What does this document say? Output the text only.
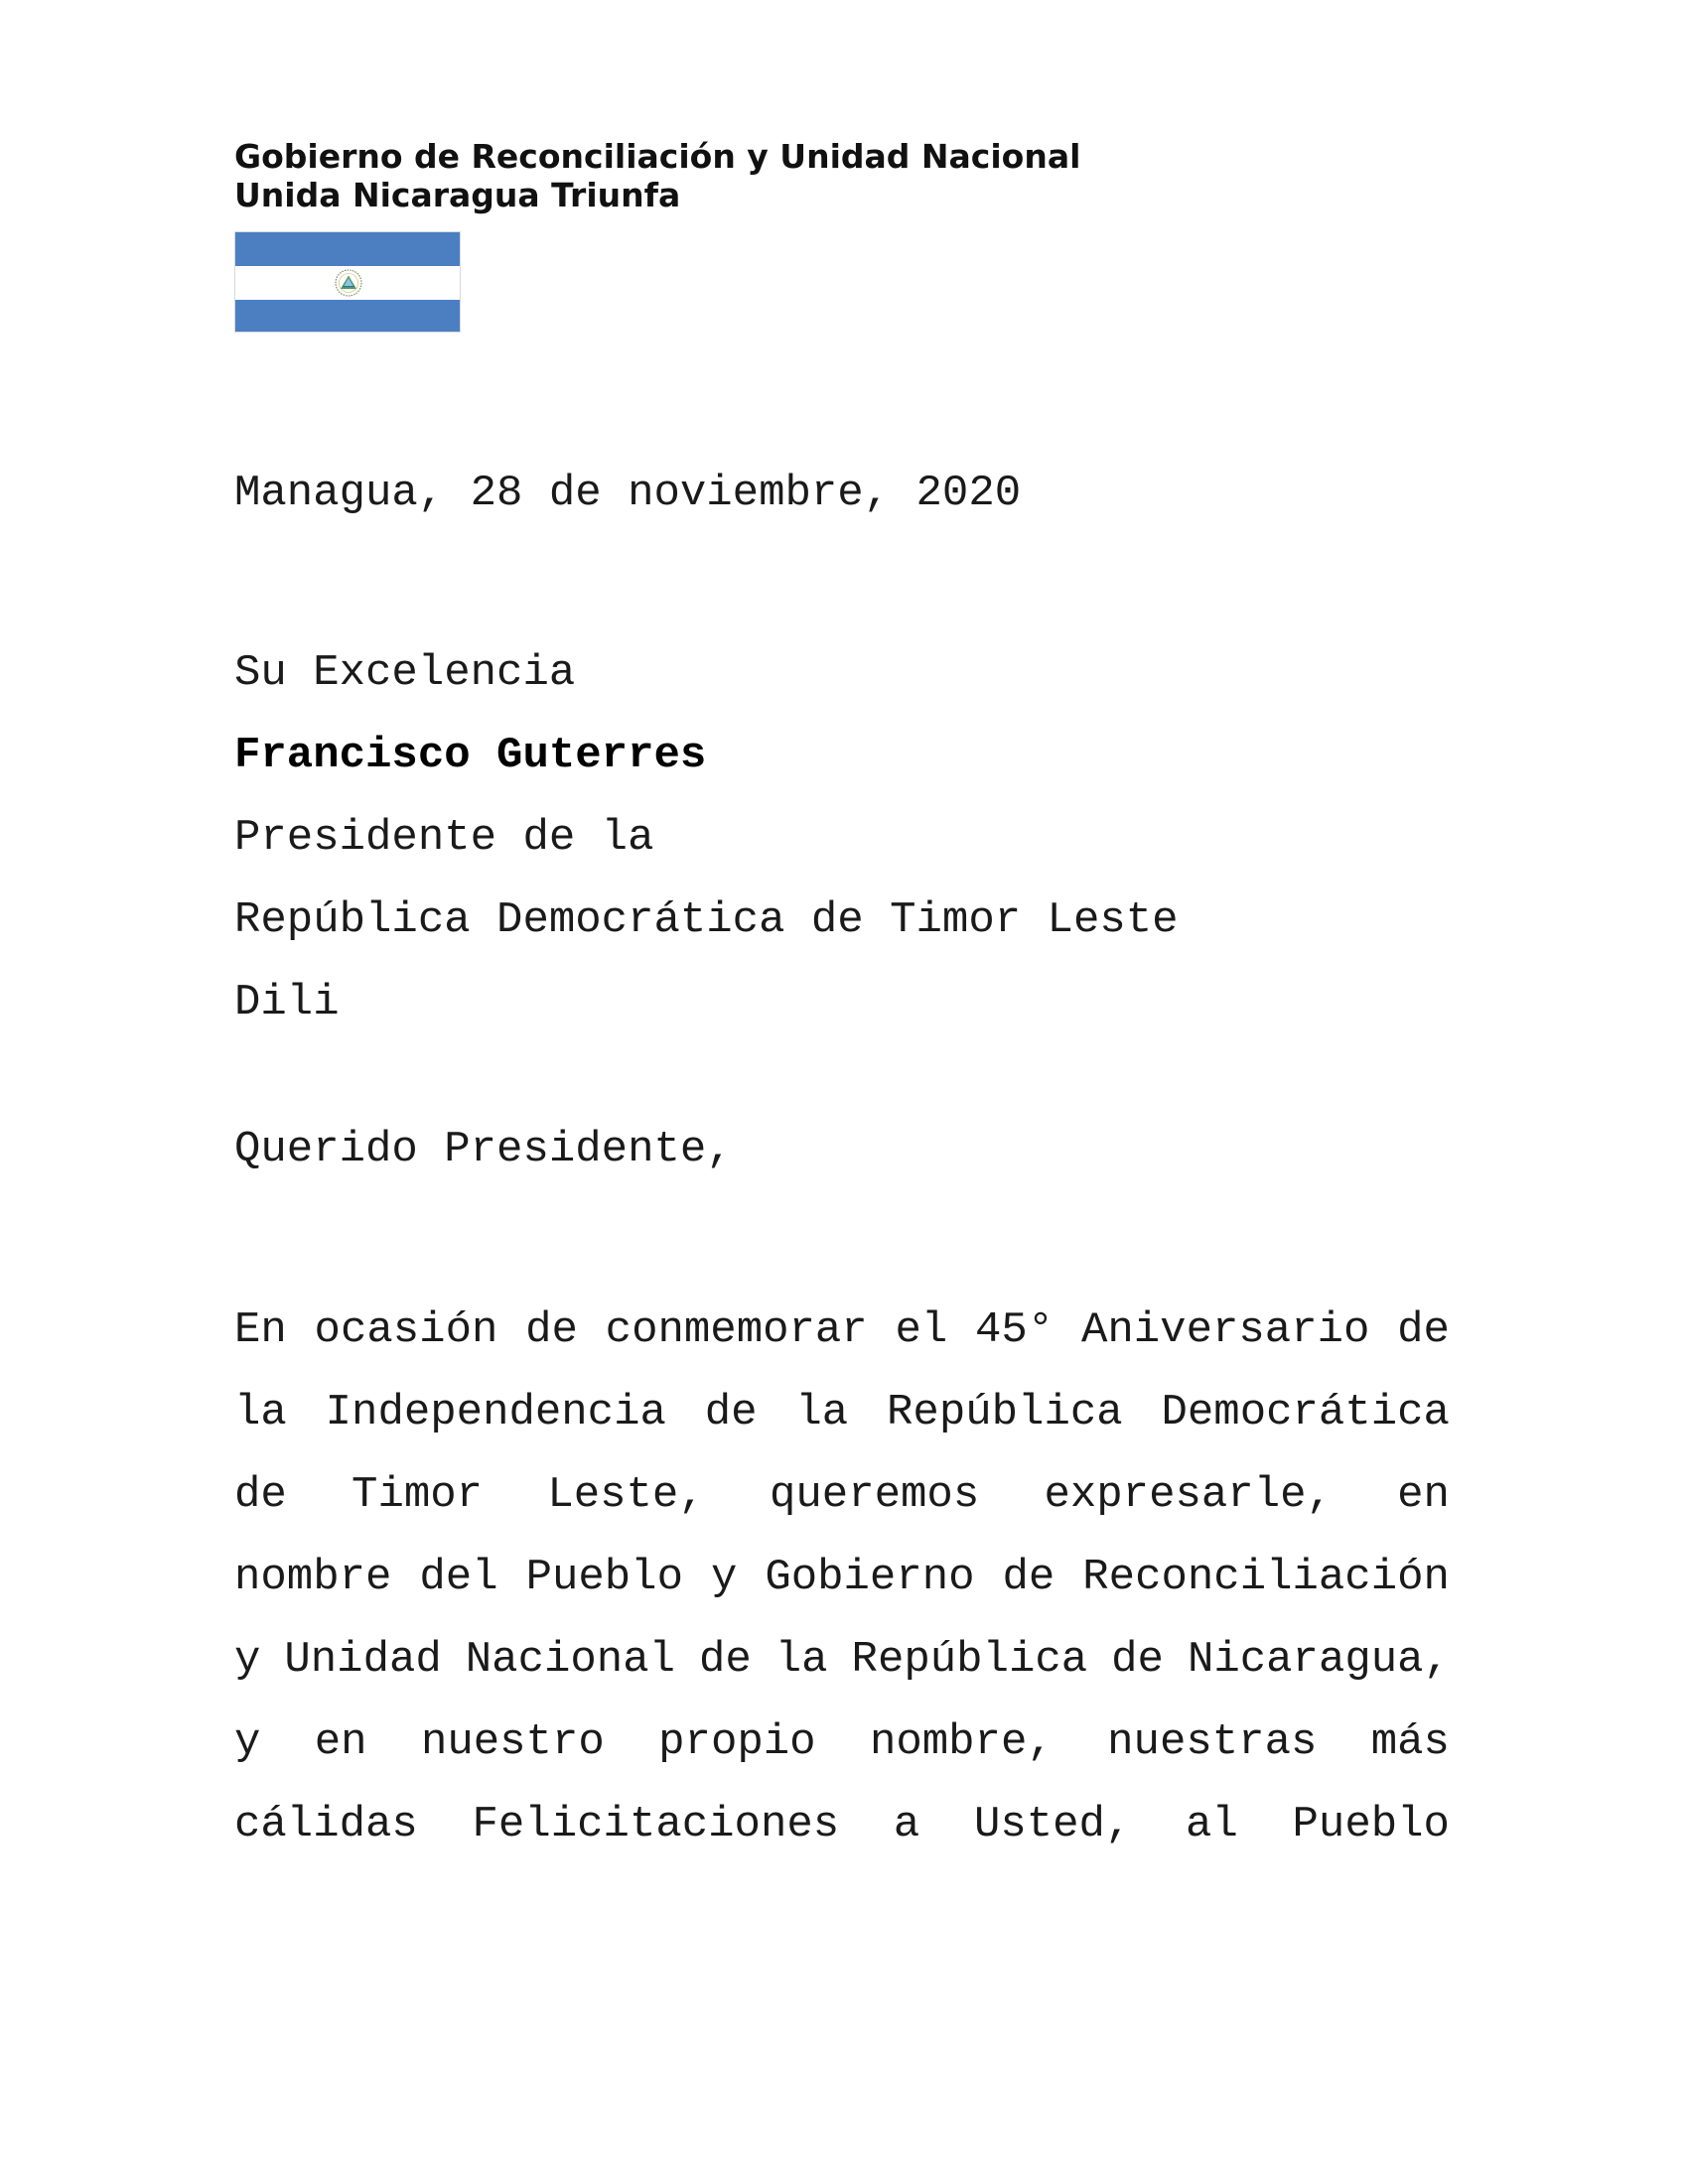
Gobierno de Reconciliación y Unidad Nacional
Unida Nicaragua Triunfa
Managua, 28 de noviembre, 2020
Su Excelencia
Francisco Guterres
Presidente de la
República Democrática de Timor Leste
Dili
Querido Presidente,
En ocasión de conmemorar el 45° Aniversario de
la Independencia de la República Democrática
de Timor Leste, queremos expresarle, en
nombre del Pueblo y Gobierno de Reconciliación
y Unidad Nacional de la República de Nicaragua,
y en nuestro propio nombre, nuestras más
cálidas Felicitaciones a Usted, al Pueblo
